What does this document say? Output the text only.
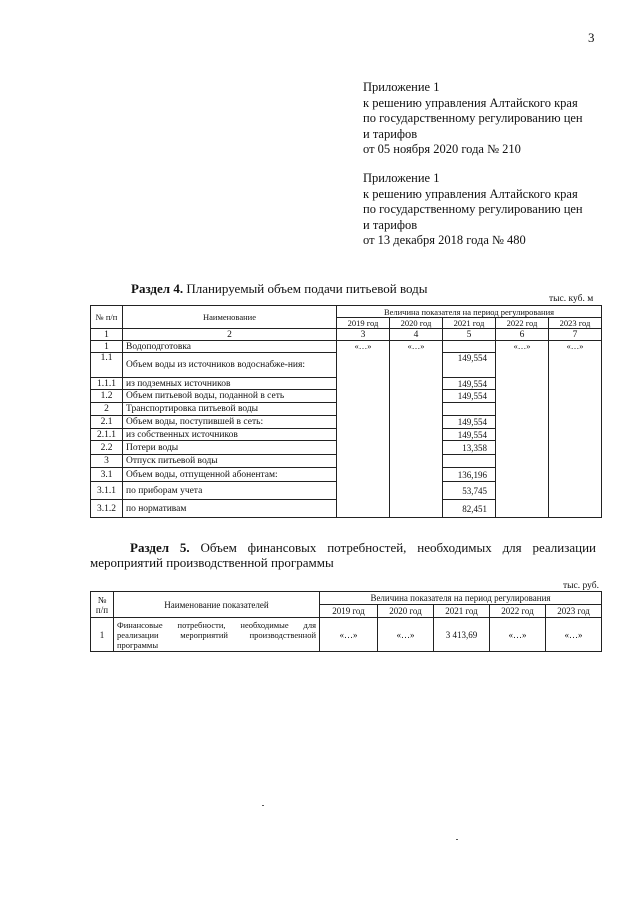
3
Приложение 1
к решению управления Алтайского края
по государственному регулированию цен
и тарифов
от 05 ноября 2020 года № 210
Приложение 1
к решению управления Алтайского края
по государственному регулированию цен
и тарифов
от 13 декабря 2018 года № 480
Раздел 4. Планируемый объем подачи питьевой воды
тыс. куб. м
№ п/п	Наименование	Величина показателя на период регулирования				
		2019 год	2020 год	2021 год	2022 год	2023 год
1	2	3	4	5	6	7
1	Водоподготовка	«…»	«…»		«…»	«…»
1.1	Объем воды из источников водоснабже-ния:			149,554		
1.1.1	из подземных источников			149,554		
1.2	Объем питьевой воды, поданной в сеть			149,554		
2	Транспортировка питьевой воды					
2.1	Объем воды, поступившей в сеть:			149,554		
2.1.1	из собственных источников			149,554		
2.2	Потери воды			13,358		
3	Отпуск питьевой воды					
3.1	Объем воды, отпущенной абонентам:			136,196		
3.1.1	по приборам учета			53,745		
3.1.2	по нормативам			82,451		
Раздел 5. Объем финансовых потребностей, необходимых для реализации
мероприятий производственной программы
тыс. руб.
№ п/п	Наименование показателей	Величина показателя на период регулирования				
		2019 год	2020 год	2021 год	2022 год	2023 год
1	Финансовые потребности, необходимые для реализации мероприятий производственной программы	«…»	«…»	3 413,69	«…»	«…»
